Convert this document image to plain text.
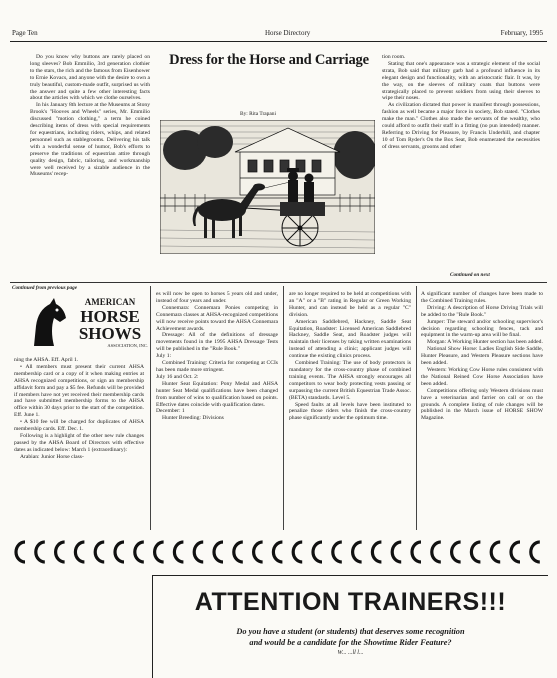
Page Ten	Horse Directory	February, 1995

Do you know why buttons are rarely placed on long sleeves? Bob Emmilio, 3rd generation clothier to the stars, the rich and the famous from Eisenhower to Ernie Kovacs, and anyone with the desire to own a truly beautiful, custom-made outfit, surprised us with the answer and quite a few other interesting facts about the articles with which we clothe ourselves.

In his January 8th lecture at the Museums at Stony Brook's "Hooves and Wheels" series, Mr. Emmilio discussed "motion clothing," a term he coined describing items of dress with special requirements for equestrians, including riders, whips, and related personnel such as stablegrooms. Delivering his talk with a wonderful sense of humor, Bob's efforts to preserve the traditions of equestrian attire through quality design, fabric, tailoring, and workmanship were well received by a sizable audience in the Museums' recep-

Dress for the Horse and Carriage
By: Rita Trapani

tion room.

Stating that one's appearance was a strategic element of the social strata, Bob said that military garb had a profound influence in its elegant design and functionality, with an aristocratic flair. It was, by the way, on the sleeves of military coats that buttons were strategically placed to prevent soldiers from using their sleeves to wipe their noses.

As civilization dictated that power is manifest through possessions, fashion as well became a major force in society, Bob stated. "Clothes make the man." Clothes also made the servants of the wealthy, who could afford to outfit their staff in a fitting (no pun intended) manner. Referring to Driving for Pleasure, by Francis Underhill, and chapter 10 of Tom Ryder's On the Box Seat, Bob enumerated the necessities of dress servants, grooms and other

Continued on next
Continued from previous page
AMERICAN
HORSE
SHOWS
ASSOCIATION, INC.

ning the AHSA. Eff. April 1.

• All members must present their current AHSA membership card or a copy of it when making entries at AHSA recognized competitions, or sign an membership affidavit form and pay a $5 fee. Refunds will be provided if members have not yet received their membership cards and have submitted membership forms to the AHSA office within 30 days prior to the start of the competition. Eff. June 1.

• A $10 fee will be charged for duplicates of AHSA membership cards. Eff. Dec. 1.

Following is a highlight of the other new rule changes passed by the AHSA Board of Directors with effective dates as indicated below: March 1 (extraordinary):

Arabian: Junior Horse class-

es will now be open to horses 5 years old and under, instead of four years and under.

Connemara: Connemara Ponies competing in Connemara classes at AHSA-recognized competitions will now receive points toward the AHSA Connemara Achievement awards.

Dressage: All of the definitions of dressage movements found in the 1995 AHSA Dressage Tests will be published in the "Rule Book."

July 1:

Combined Training: Criteria for competing at CCIs has been made more stringent.

July 16 and Oct. 2:

Hunter Seat Equitation: Pony Medal and AHSA hunter Seat Medal qualifications have been changed from number of wins to qualification based on points. Effective dates coincide with qualification dates.

December: 1

Hunter Breeding: Divisions

are no longer required to be held at competitions with an "A" or a "B" rating in Regular or Green Working Hunter, and can instead be held as a regular "C" division.

American Saddlebred, Hackney, Saddle Seat Equitation, Roadster: Licensed American Saddlebred Hackney, Saddle Seat, and Roadster judges will maintain their licenses by taking written examinations instead of attending a clinic; applicant judges will continue the existing clinics process.

Combined Training: The use of body protectors is mandatory for the cross-country phase of combined training events. The AHSA strongly encourages all competitors to wear body protecting vests passing or surpassing the current British Equestrian Trade Assoc. (BETA) standards. Level 5.

Speed faults at all levels have been instituted to penalize those riders who finish the cross-country phase significantly under the optimum time.

A significant number of changes have been made to the Combined Training rules.

Driving: A description of Horse Driving Trials will be added to the "Rule Book."

Jumper: The steward and/or schooling supervisor's decision regarding schooling fences, tack and equipment in the warm-up area will be final.

Morgan: A Working Hunter section has been added.

National Show Horse: Ladies English Side Saddle, Hunter Pleasure, and Western Pleasure sections have been added.

Western: Working Cow Horse rules consistent with the National Reined Cow Horse Association have been added.

Competitions offering only Western divisions must have a veterinarian and farrier on call or on the grounds. A complete listing of rule changes will be published in the March issue of HORSE SHOW Magazine.

ATTENTION TRAINERS!!!
Do you have a student (or students) that deserves some recognition
and would be a candidate for the Showtime Rider Feature?
W... ...ll l...
